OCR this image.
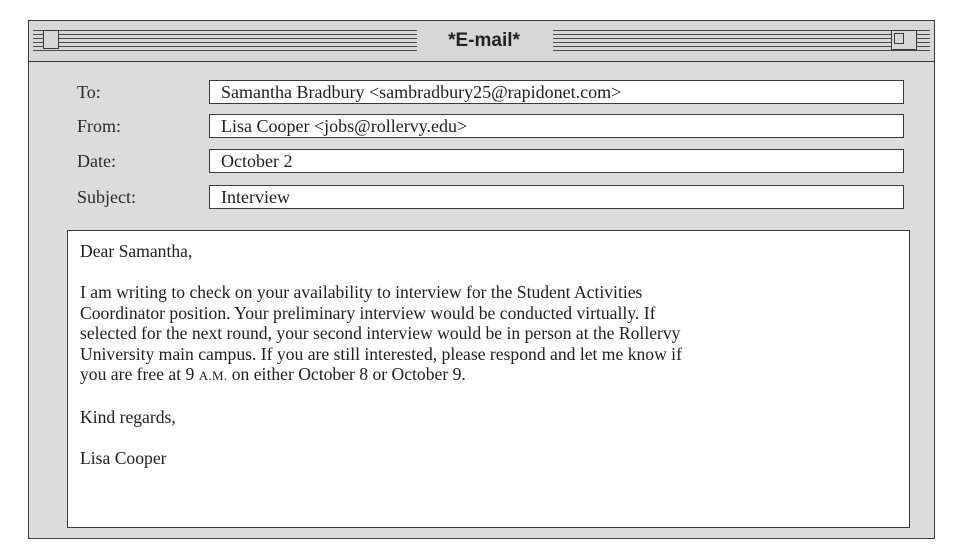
*E-mail*
To:	Samantha Bradbury <sambradbury25@rapidonet.com>
From:	Lisa Cooper <jobs@rollervy.edu>
Date:	October 2
Subject:	Interview
Dear Samantha,
I am writing to check on your availability to interview for the Student Activities
Coordinator position. Your preliminary interview would be conducted virtually. If
selected for the next round, your second interview would be in person at the Rollervy
University main campus. If you are still interested, please respond and let me know if
you are free at 9 A.M. on either October 8 or October 9.
Kind regards,
Lisa Cooper
